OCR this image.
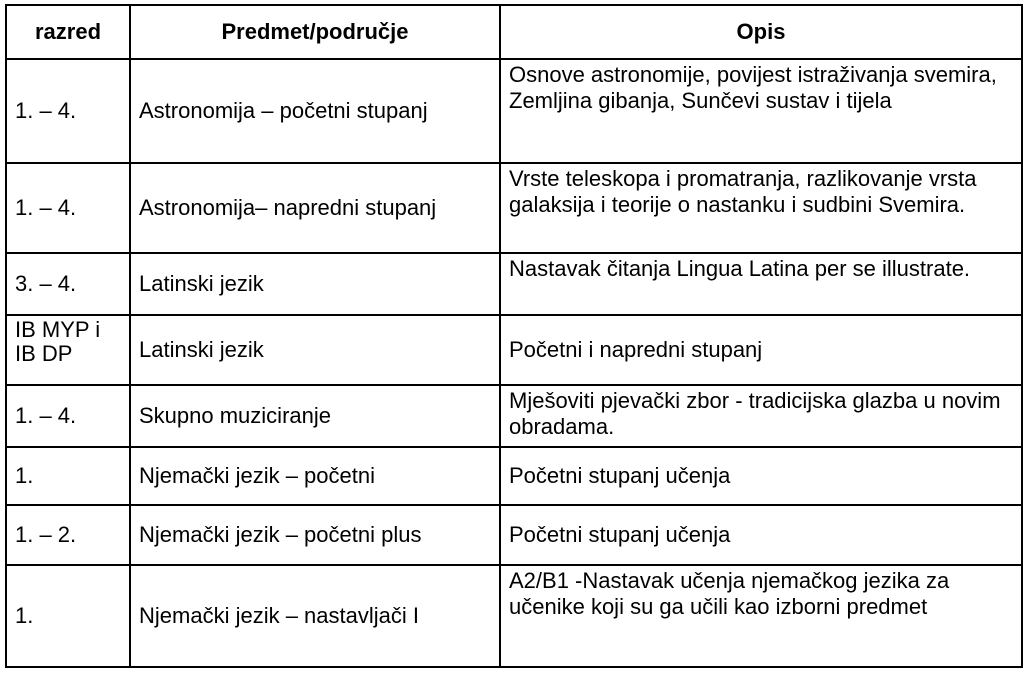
razred	Predmet/područje	Opis
1. – 4.	Astronomija – početni stupanj	Osnove astronomije, povijest istraživanja svemira, Zemljina gibanja, Sunčevi sustav i tijela
1. – 4.	Astronomija– napredni stupanj	Vrste teleskopa i promatranja, razlikovanje vrsta galaksija i teorije o nastanku i sudbini Svemira.
3. – 4.	Latinski jezik	Nastavak čitanja Lingua Latina per se illustrate.
IB MYP i IB DP	Latinski jezik	Početni i napredni stupanj
1. – 4.	Skupno muziciranje	Mješoviti pjevački zbor - tradicijska glazba u novim obradama.
1.	Njemački jezik – početni	Početni stupanj učenja
1. – 2.	Njemački jezik – početni plus	Početni stupanj učenja
1.	Njemački jezik – nastavljači I	A2/B1 -Nastavak učenja njemačkog jezika za učenike koji su ga učili kao izborni predmet
